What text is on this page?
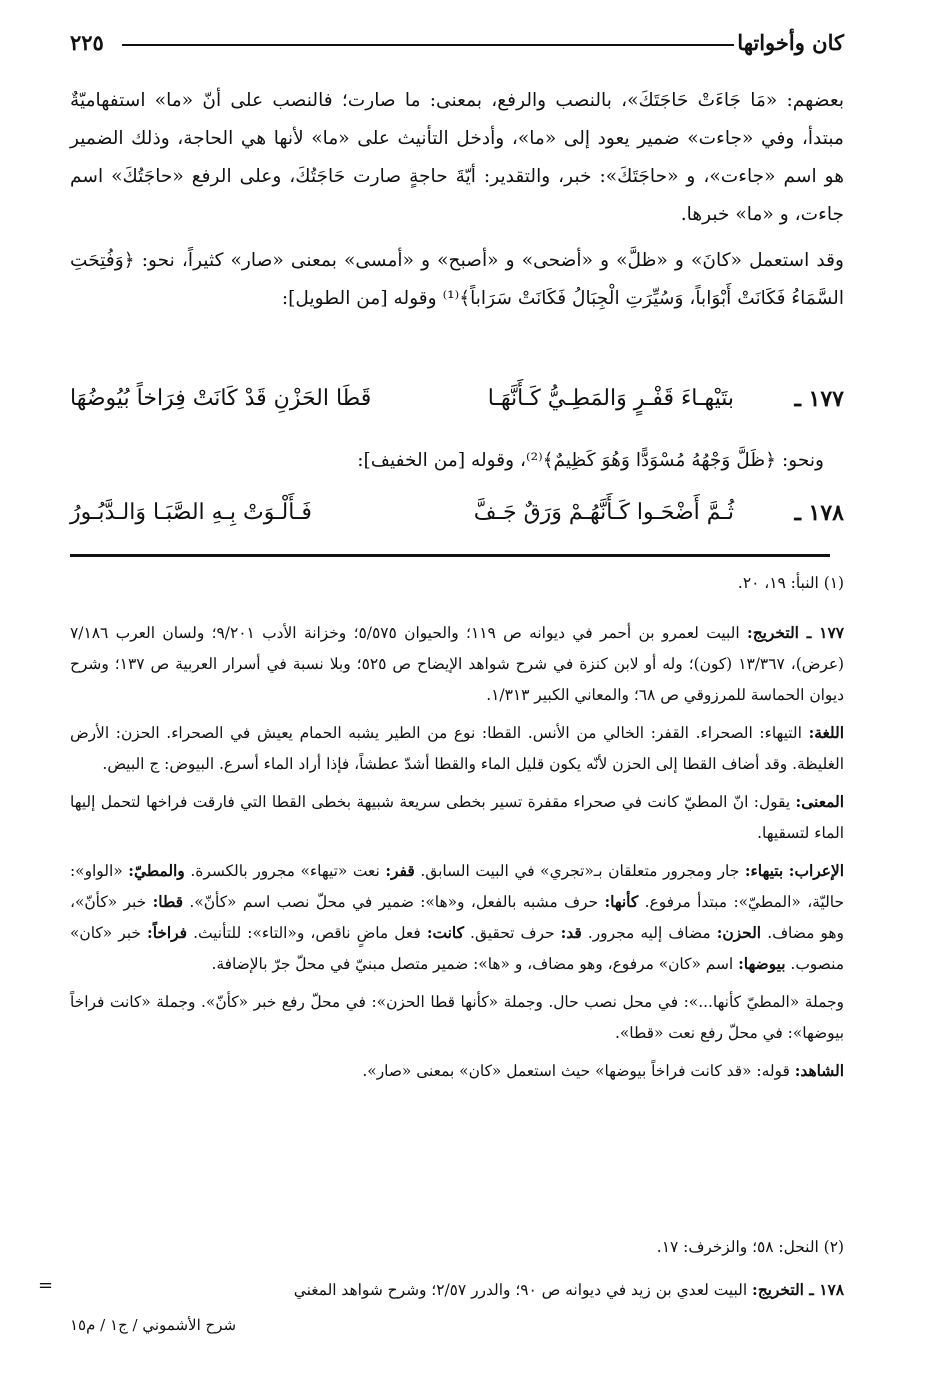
كان وأخواتها
٢٢٥

بعضهم: «مَا جَاءَتْ حَاجَتَكَ»، بالنصب والرفع، بمعنى: ما صارت؛ فالنصب على أنّ «ما» استفهاميّةٌ مبتدأ، وفي «جاءت» ضمير يعود إلى «ما»، وأدخل التأنيث على «ما» لأنها هي الحاجة، وذلك الضمير هو اسم «جاءت»، و «حاجَتَكَ»: خبر، والتقدير: أيّةَ حاجةٍ صارت حَاجَتُكَ، وعلى الرفع «حاجَتُكَ» اسم جاءت، و «ما» خبرها.

وقد استعمل «كانَ» و «ظلَّ» و «أضحى» و «أصبح» و «أمسى» بمعنى «صار» كثيراً، نحو: ﴿وَفُتِحَتِ السَّمَاءُ فَكَانَتْ أَبْوَاباً، وَسُيِّرَتِ الْجِبَالُ فَكَانَتْ سَرَاباً﴾⁽¹⁾ وقوله [من الطويل]:

١٧٧ ـ
بتَيْهـاءَ قَفْـرٍ وَالمَطِـيُّ كَـأَنَّهَـا
قَطَا الحَزْنِ قَدْ كَانَتْ فِرَاخاً بُيُوضُهَا
ونحو: ﴿ظَلَّ وَجْهُهُ مُسْوَدًّا وَهُوَ كَظِيمٌ﴾⁽²⁾، وقوله [من الخفيف]:
١٧٨ ـ
ثُـمَّ أَضْحَـوا كَـأَنَّهُـمْ وَرَقٌ جَـفَّ
فَـأَلْـوَتْ بِـهِ الصَّبَـا وَالـدَّبُـورُ
(١) النبأ: ١٩، ٢٠.

١٧٧ ـ التخريج: البيت لعمرو بن أحمر في ديوانه ص ١١٩؛ والحيوان ٥/٥٧٥؛ وخزانة الأدب ٩/٢٠١؛ ولسان العرب ٧/١٨٦ (عرض)، ١٣/٣٦٧ (كون)؛ وله أو لابن كنزة في شرح شواهد الإيضاح ص ٥٢٥؛ وبلا نسبة في أسرار العربية ص ١٣٧؛ وشرح ديوان الحماسة للمرزوقي ص ٦٨؛ والمعاني الكبير ١/٣١٣.

اللغة: التيهاء: الصحراء. القفر: الخالي من الأنس. القطا: نوع من الطير يشبه الحمام يعيش في الصحراء. الحزن: الأرض الغليظة. وقد أضاف القطا إلى الحزن لأنّه يكون قليل الماء والقطا أشدّ عطشاً، فإذا أراد الماء أسرع. البيوض: ج البيض.

المعنى: يقول: انّ المطيّ كانت في صحراء مقفرة تسير بخطى سريعة شبيهة بخطى القطا التي فارقت فراخها لتحمل إليها الماء لتسقيها.

الإعراب: بتيهاء: جار ومجرور متعلقان بـ«تجري» في البيت السابق. قفر: نعت «تيهاء» مجرور بالكسرة. والمطيّ: «الواو»: حاليّة، «المطيّ»: مبتدأ مرفوع. كأنها: حرف مشبه بالفعل، و«ها»: ضمير في محلّ نصب اسم «كأنّ». قطا: خبر «كأنّ»، وهو مضاف. الحزن: مضاف إليه مجرور. قد: حرف تحقيق. كانت: فعل ماضٍ ناقص، و«التاء»: للتأنيث. فراخاً: خبر «كان» منصوب. بيوضها: اسم «كان» مرفوع، وهو مضاف، و «ها»: ضمير متصل مبنيّ في محلّ جرّ بالإضافة.

وجملة «المطيّ كأنها...»: في محل نصب حال. وجملة «كأنها قطا الحزن»: في محلّ رفع خبر «كأنّ». وجملة «كانت فراخاً بيوضها»: في محلّ رفع نعت «قطا».

الشاهد: قوله: «قد كانت فراخاً بيوضها» حيث استعمل «كان» بمعنى «صار».

(٢) النحل: ٥٨؛ والزخرف: ١٧.
١٧٨ ـ التخريج: البيت لعدي بن زيد في ديوانه ص ٩٠؛ والدرر ٢/٥٧؛ وشرح شواهد المغني
=
شرح الأشموني / ج١ / م١٥
